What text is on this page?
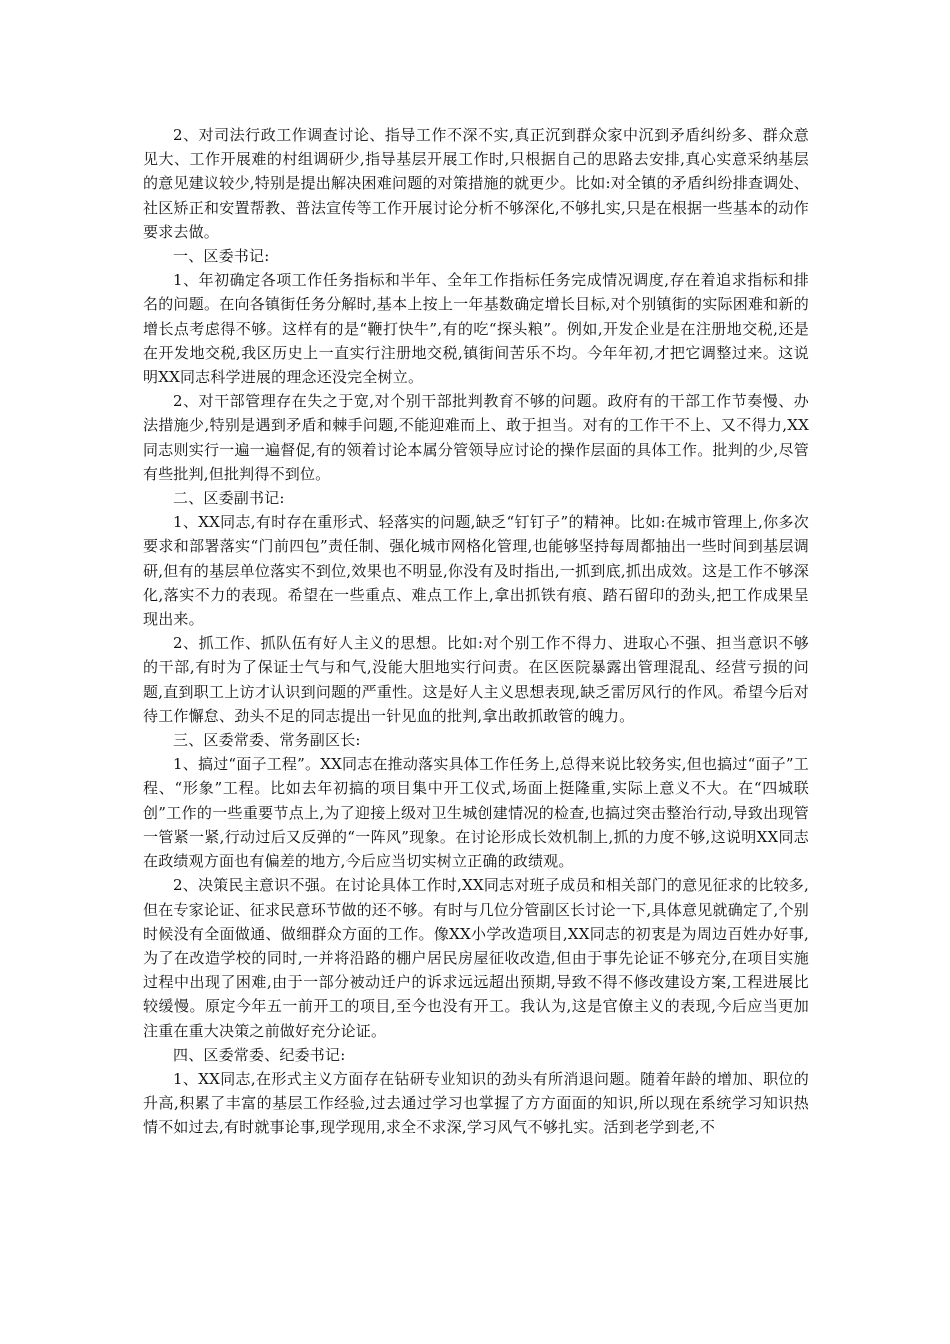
2、对司法行政工作调查讨论、指导工作不深不实,真正沉到群众家中沉到矛盾纠纷多、群众意见大、工作开展难的村组调研少,指导基层开展工作时,只根据自己的思路去安排,真心实意采纳基层的意见建议较少,特别是提出解决困难问题的对策措施的就更少。比如:对全镇的矛盾纠纷排查调处、社区矫正和安置帮教、普法宣传等工作开展讨论分析不够深化,不够扎实,只是在根据一些基本的动作要求去做。

一、区委书记:

1、年初确定各项工作任务指标和半年、全年工作指标任务完成情况调度,存在着追求指标和排名的问题。在向各镇街任务分解时,基本上按上一年基数确定增长目标,对个别镇街的实际困难和新的增长点考虑得不够。这样有的是“鞭打快牛”,有的吃“探头粮”。例如,开发企业是在注册地交税,还是在开发地交税,我区历史上一直实行注册地交税,镇街间苦乐不均。今年年初,才把它调整过来。这说明XX同志科学进展的理念还没完全树立。

2、对干部管理存在失之于宽,对个别干部批判教育不够的问题。政府有的干部工作节奏慢、办法措施少,特别是遇到矛盾和棘手问题,不能迎难而上、敢于担当。对有的工作干不上、又不得力,XX同志则实行一遍一遍督促,有的领着讨论本属分管领导应讨论的操作层面的具体工作。批判的少,尽管有些批判,但批判得不到位。

二、区委副书记:

1、XX同志,有时存在重形式、轻落实的问题,缺乏“钉钉子”的精神。比如:在城市管理上,你多次要求和部署落实“门前四包”责任制、强化城市网格化管理,也能够坚持每周都抽出一些时间到基层调研,但有的基层单位落实不到位,效果也不明显,你没有及时指出,一抓到底,抓出成效。这是工作不够深化,落实不力的表现。希望在一些重点、难点工作上,拿出抓铁有痕、踏石留印的劲头,把工作成果呈现出来。

2、抓工作、抓队伍有好人主义的思想。比如:对个别工作不得力、进取心不强、担当意识不够的干部,有时为了保证士气与和气,没能大胆地实行问责。在区医院暴露出管理混乱、经营亏损的问题,直到职工上访才认识到问题的严重性。这是好人主义思想表现,缺乏雷厉风行的作风。希望今后对待工作懈怠、劲头不足的同志提出一针见血的批判,拿出敢抓敢管的魄力。

三、区委常委、常务副区长:

1、搞过“面子工程”。XX同志在推动落实具体工作任务上,总得来说比较务实,但也搞过“面子”工程、“形象”工程。比如去年初搞的项目集中开工仪式,场面上挺隆重,实际上意义不大。在“四城联创”工作的一些重要节点上,为了迎接上级对卫生城创建情况的检查,也搞过突击整治行动,导致出现管一管紧一紧,行动过后又反弹的“一阵风”现象。在讨论形成长效机制上,抓的力度不够,这说明XX同志在政绩观方面也有偏差的地方,今后应当切实树立正确的政绩观。

2、决策民主意识不强。在讨论具体工作时,XX同志对班子成员和相关部门的意见征求的比较多,但在专家论证、征求民意环节做的还不够。有时与几位分管副区长讨论一下,具体意见就确定了,个别时候没有全面做通、做细群众方面的工作。像XX小学改造项目,XX同志的初衷是为周边百姓办好事,为了在改造学校的同时,一并将沿路的棚户居民房屋征收改造,但由于事先论证不够充分,在项目实施过程中出现了困难,由于一部分被动迁户的诉求远远超出预期,导致不得不修改建设方案,工程进展比较缓慢。原定今年五一前开工的项目,至今也没有开工。我认为,这是官僚主义的表现,今后应当更加注重在重大决策之前做好充分论证。

四、区委常委、纪委书记:

1、XX同志,在形式主义方面存在钻研专业知识的劲头有所消退问题。随着年龄的增加、职位的升高,积累了丰富的基层工作经验,过去通过学习也掌握了方方面面的知识,所以现在系统学习知识热情不如过去,有时就事论事,现学现用,求全不求深,学习风气不够扎实。活到老学到老,不
